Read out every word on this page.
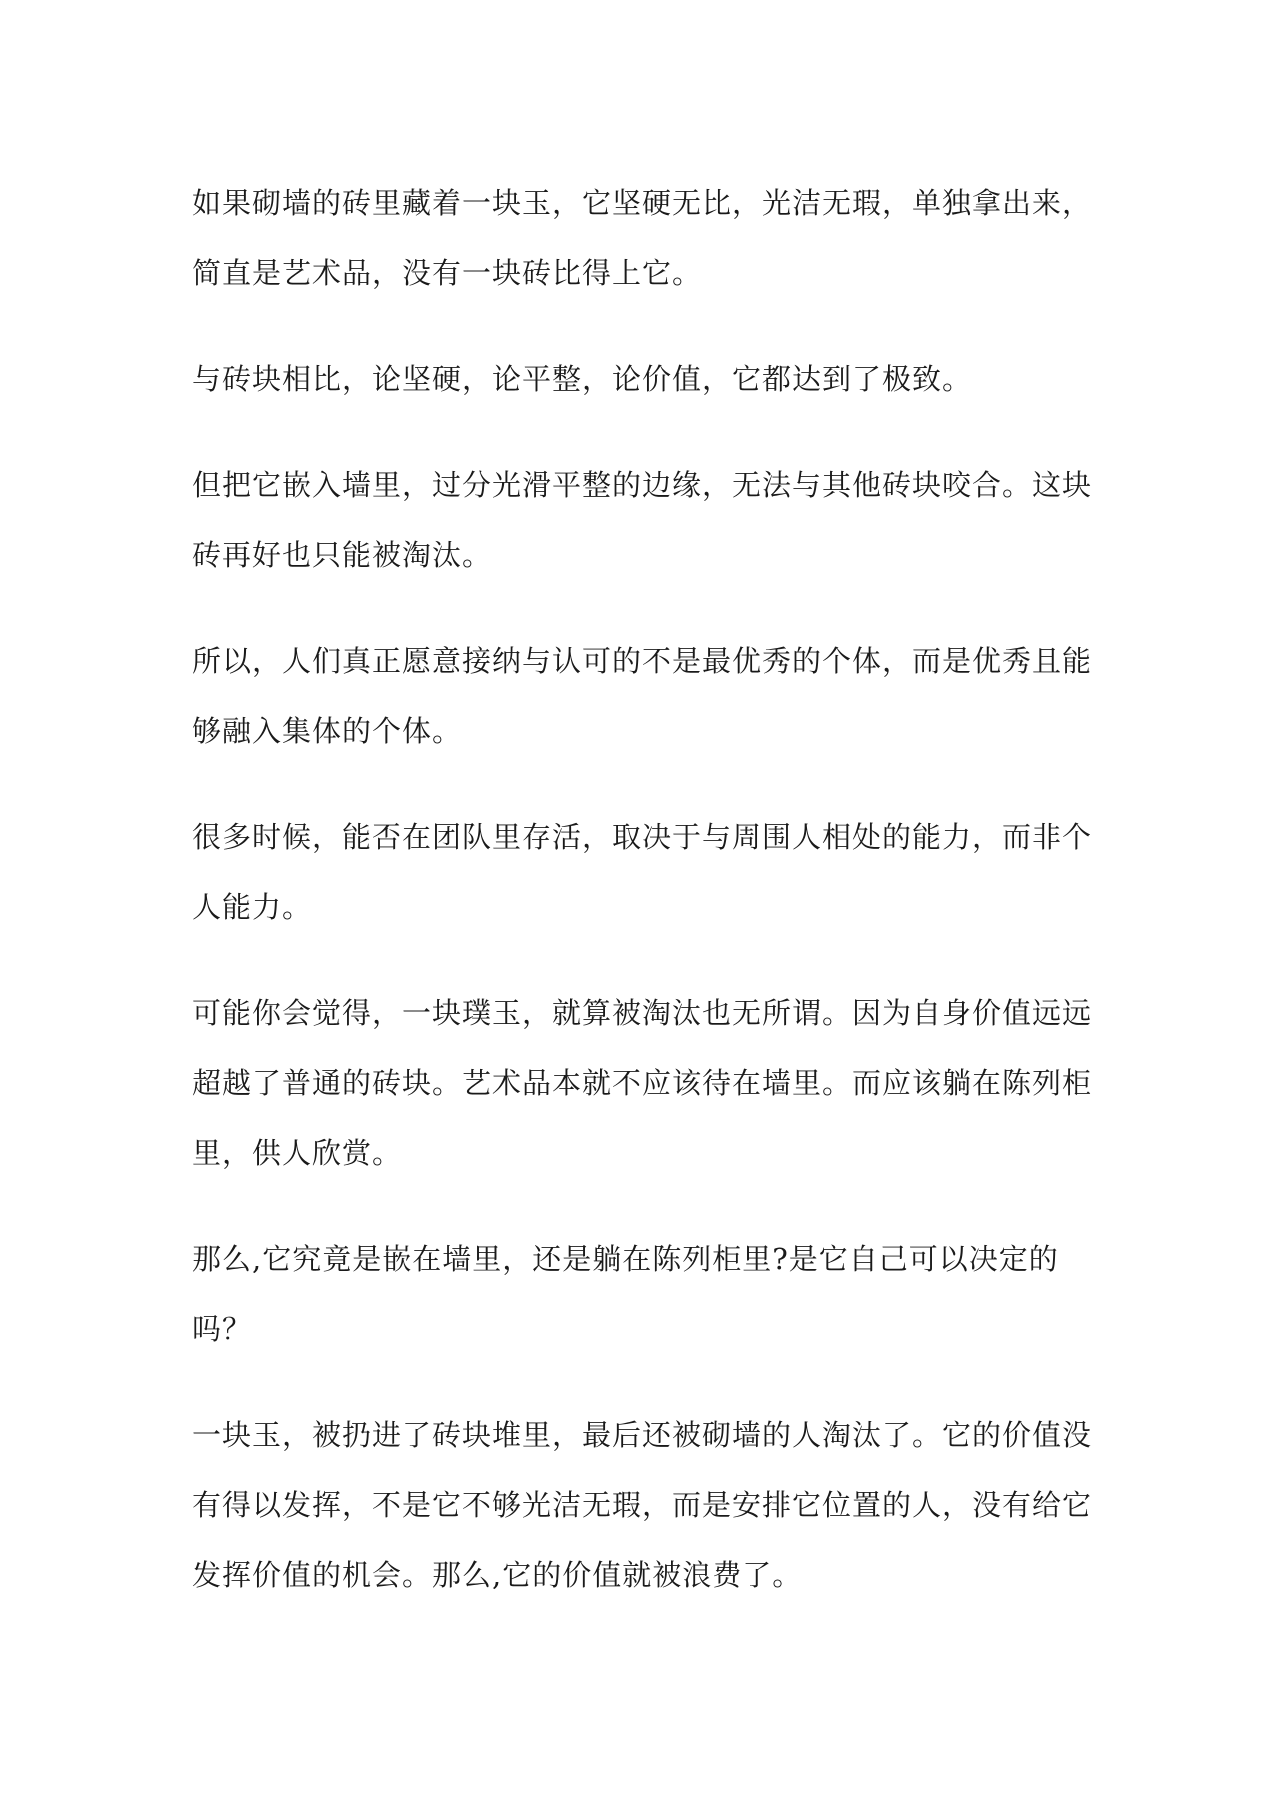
如果砌墙的砖里藏着一块玉，它坚硬无比，光洁无瑕，单独拿出来，
简直是艺术品，没有一块砖比得上它。

与砖块相比，论坚硬，论平整，论价值，它都达到了极致。

但把它嵌入墙里，过分光滑平整的边缘，无法与其他砖块咬合。这块
砖再好也只能被淘汰。

所以，人们真正愿意接纳与认可的不是最优秀的个体，而是优秀且能
够融入集体的个体。

很多时候，能否在团队里存活，取决于与周围人相处的能力，而非个
人能力。

可能你会觉得，一块璞玉，就算被淘汰也无所谓。因为自身价值远远
超越了普通的砖块。艺术品本就不应该待在墙里。而应该躺在陈列柜
里，供人欣赏。

那么,它究竟是嵌在墙里，还是躺在陈列柜里?是它自己可以决定的
吗？

一块玉，被扔进了砖块堆里，最后还被砌墙的人淘汰了。它的价值没
有得以发挥，不是它不够光洁无瑕，而是安排它位置的人，没有给它
发挥价值的机会。那么,它的价值就被浪费了。
